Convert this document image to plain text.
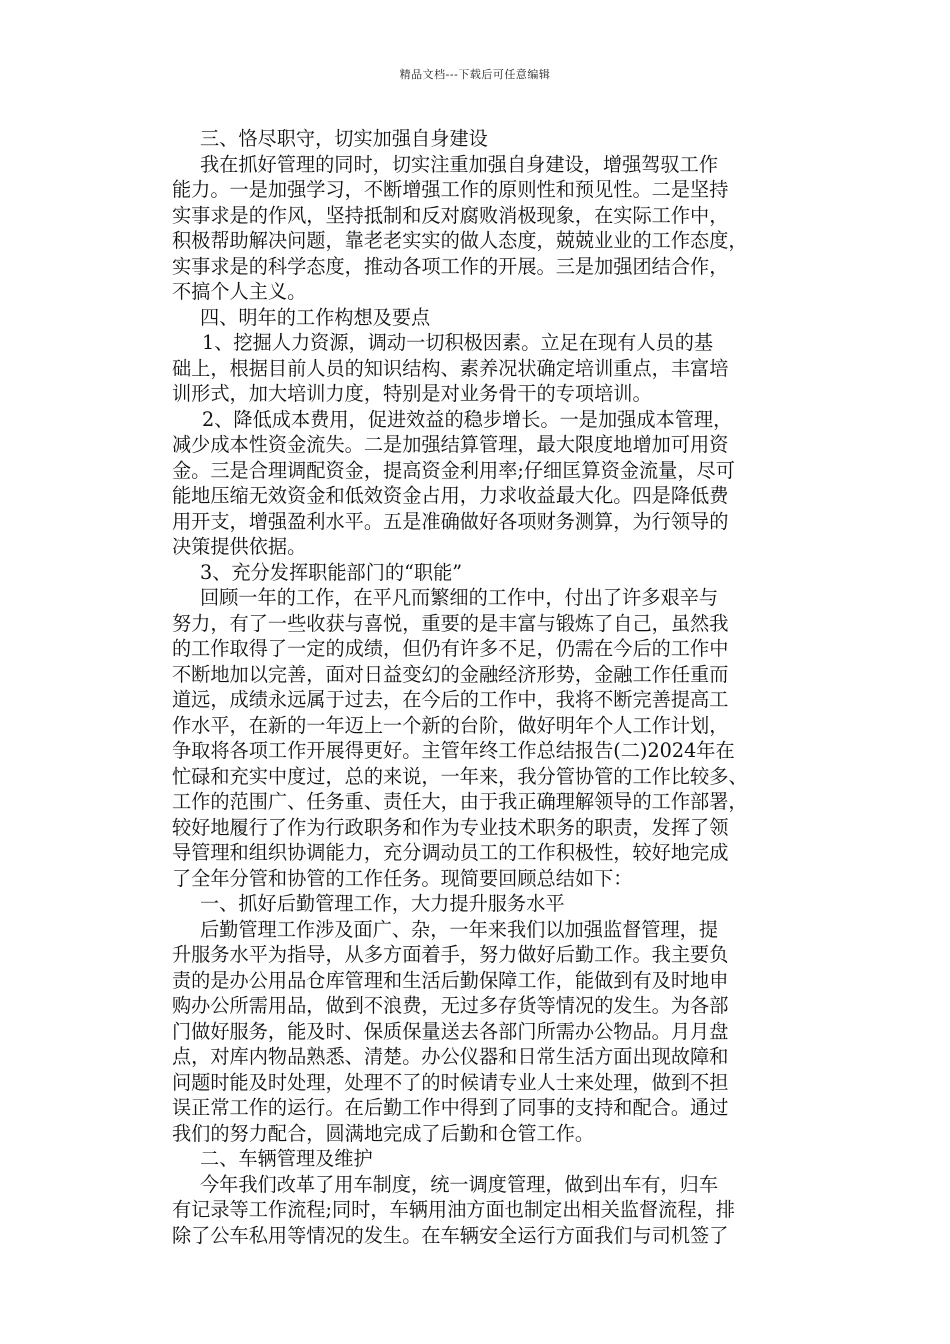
精品文档---下载后可任意编辑
三、恪尽职守，切实加强自身建设
我在抓好管理的同时，切实注重加强自身建设，增强驾驭工作
能力。一是加强学习，不断增强工作的原则性和预见性。二是坚持
实事求是的作风，坚持抵制和反对腐败消极现象，在实际工作中，
积极帮助解决问题，靠老老实实的做人态度，兢兢业业的工作态度，
实事求是的科学态度，推动各项工作的开展。三是加强团结合作，
不搞个人主义。
四、明年的工作构想及要点
1、挖掘人力资源，调动一切积极因素。立足在现有人员的基
础上，根据目前人员的知识结构、素养况状确定培训重点，丰富培
训形式，加大培训力度，特别是对业务骨干的专项培训。
2、降低成本费用，促进效益的稳步增长。一是加强成本管理，
减少成本性资金流失。二是加强结算管理，最大限度地增加可用资
金。三是合理调配资金，提高资金利用率;仔细匡算资金流量，尽可
能地压缩无效资金和低效资金占用，力求收益最大化。四是降低费
用开支，增强盈利水平。五是准确做好各项财务测算，为行领导的
决策提供依据。
3、充分发挥职能部门的“职能”
回顾一年的工作，在平凡而繁细的工作中，付出了许多艰辛与
努力，有了一些收获与喜悦，重要的是丰富与锻炼了自己，虽然我
的工作取得了一定的成绩，但仍有许多不足，仍需在今后的工作中
不断地加以完善，面对日益变幻的金融经济形势，金融工作任重而
道远，成绩永远属于过去，在今后的工作中，我将不断完善提高工
作水平，在新的一年迈上一个新的台阶，做好明年个人工作计划，
争取将各项工作开展得更好。主管年终工作总结报告(二)2024年在
忙碌和充实中度过，总的来说，一年来，我分管协管的工作比较多、
工作的范围广、任务重、责任大，由于我正确理解领导的工作部署，
较好地履行了作为行政职务和作为专业技术职务的职责，发挥了领
导管理和组织协调能力，充分调动员工的工作积极性，较好地完成
了全年分管和协管的工作任务。现简要回顾总结如下：
一、抓好后勤管理工作，大力提升服务水平
后勤管理工作涉及面广、杂，一年来我们以加强监督管理，提
升服务水平为指导，从多方面着手，努力做好后勤工作。我主要负
责的是办公用品仓库管理和生活后勤保障工作，能做到有及时地申
购办公所需用品，做到不浪费，无过多存货等情况的发生。为各部
门做好服务，能及时、保质保量送去各部门所需办公物品。月月盘
点，对库内物品熟悉、清楚。办公仪器和日常生活方面出现故障和
问题时能及时处理，处理不了的时候请专业人士来处理，做到不担
误正常工作的运行。在后勤工作中得到了同事的支持和配合。通过
我们的努力配合，圆满地完成了后勤和仓管工作。
二、车辆管理及维护
今年我们改革了用车制度，统一调度管理，做到出车有，归车
有记录等工作流程;同时，车辆用油方面也制定出相关监督流程，排
除了公车私用等情况的发生。在车辆安全运行方面我们与司机签了
